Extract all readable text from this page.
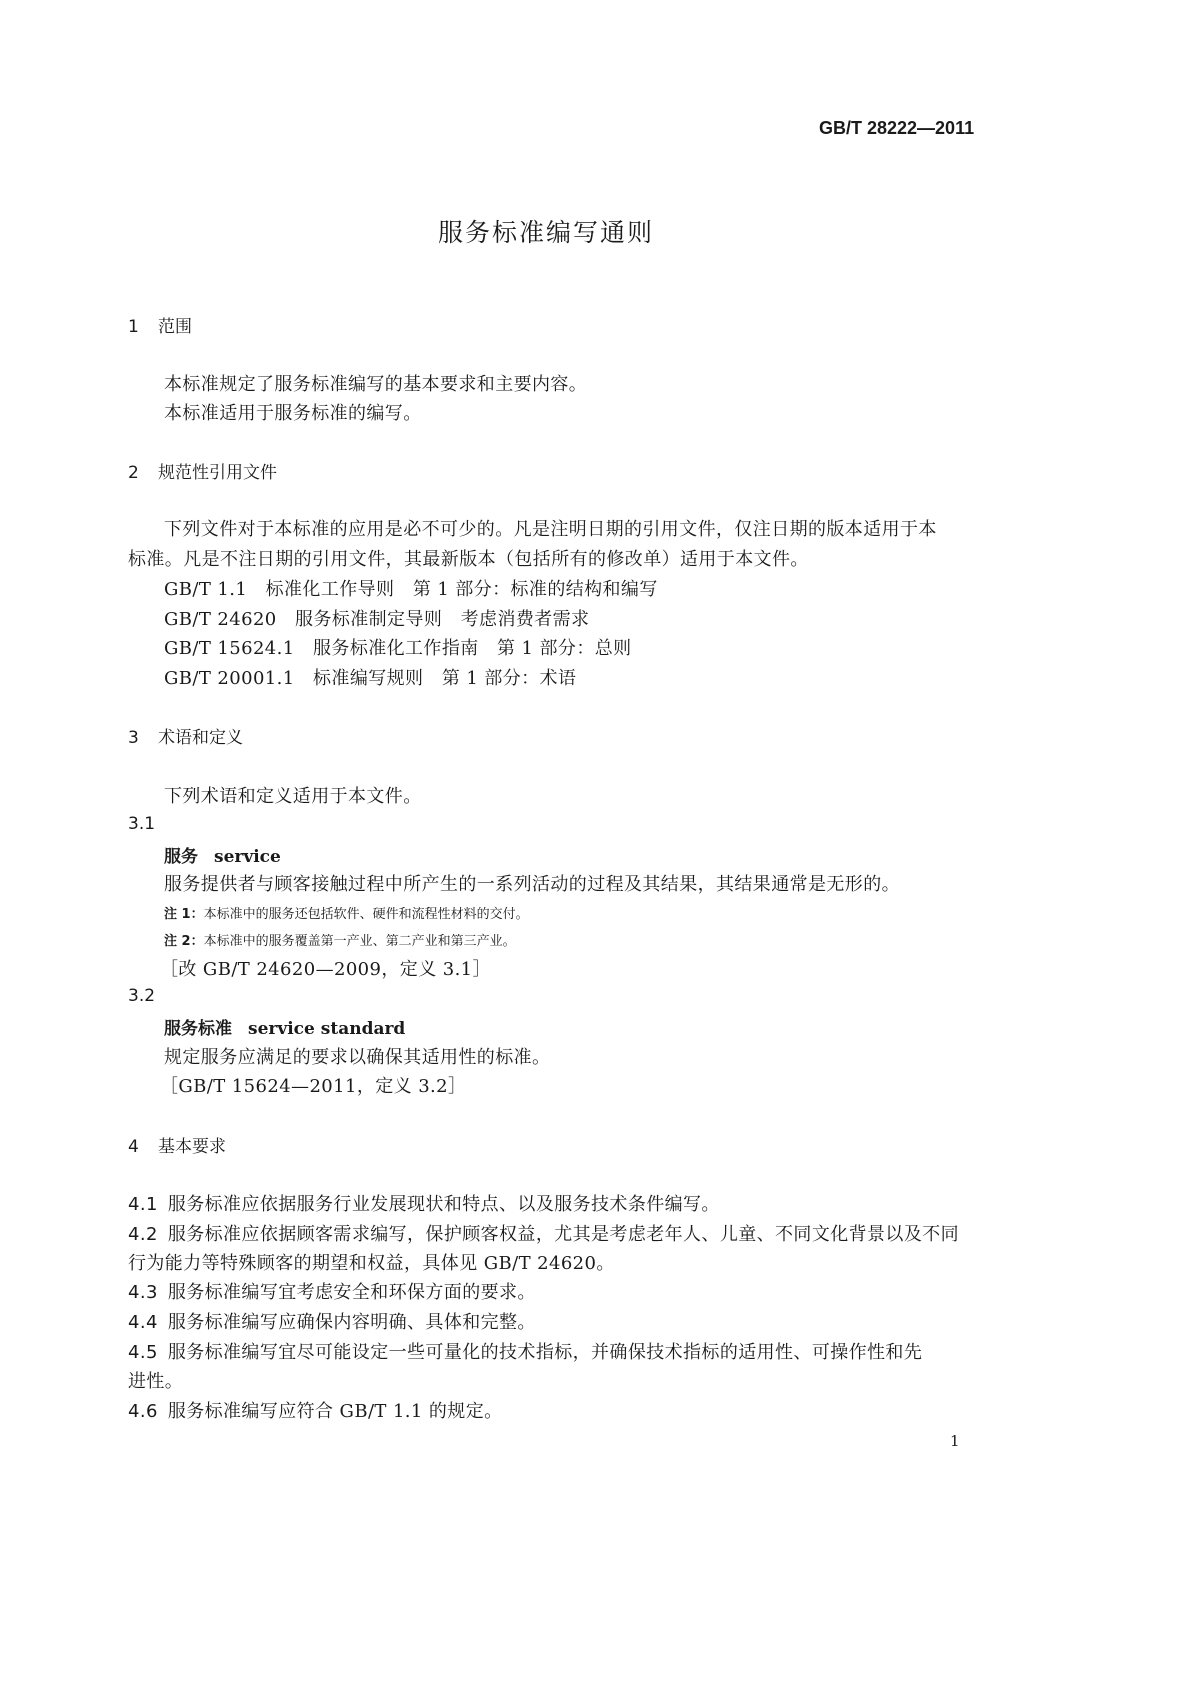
GB/T 28222—2011
服务标准编写通则
1 范围
本标准规定了服务标准编写的基本要求和主要内容。
本标准适用于服务标准的编写。
2 规范性引用文件
下列文件对于本标准的应用是必不可少的。凡是注明日期的引用文件，仅注日期的版本适用于本
标准。凡是不注日期的引用文件，其最新版本（包括所有的修改单）适用于本文件。
GB/T 1.1　标准化工作导则　第 1 部分：标准的结构和编写
GB/T 24620　服务标准制定导则　考虑消费者需求
GB/T 15624.1　服务标准化工作指南　第 1 部分：总则
GB/T 20001.1　标准编写规则　第 1 部分：术语
3 术语和定义
下列术语和定义适用于本文件。
3.1
服务 service
服务提供者与顾客接触过程中所产生的一系列活动的过程及其结果，其结果通常是无形的。
注 1：本标准中的服务还包括软件、硬件和流程性材料的交付。
注 2：本标准中的服务覆盖第一产业、第二产业和第三产业。
［改 GB/T 24620—2009，定义 3.1］
3.2
服务标准 service standard
规定服务应满足的要求以确保其适用性的标准。
［GB/T 15624—2011，定义 3.2］
4 基本要求
4.1 服务标准应依据服务行业发展现状和特点、以及服务技术条件编写。
4.2 服务标准应依据顾客需求编写，保护顾客权益，尤其是考虑老年人、儿童、不同文化背景以及不同
行为能力等特殊顾客的期望和权益，具体见 GB/T 24620。
4.3 服务标准编写宜考虑安全和环保方面的要求。
4.4 服务标准编写应确保内容明确、具体和完整。
4.5 服务标准编写宜尽可能设定一些可量化的技术指标，并确保技术指标的适用性、可操作性和先
进性。
4.6 服务标准编写应符合 GB/T 1.1 的规定。
1
